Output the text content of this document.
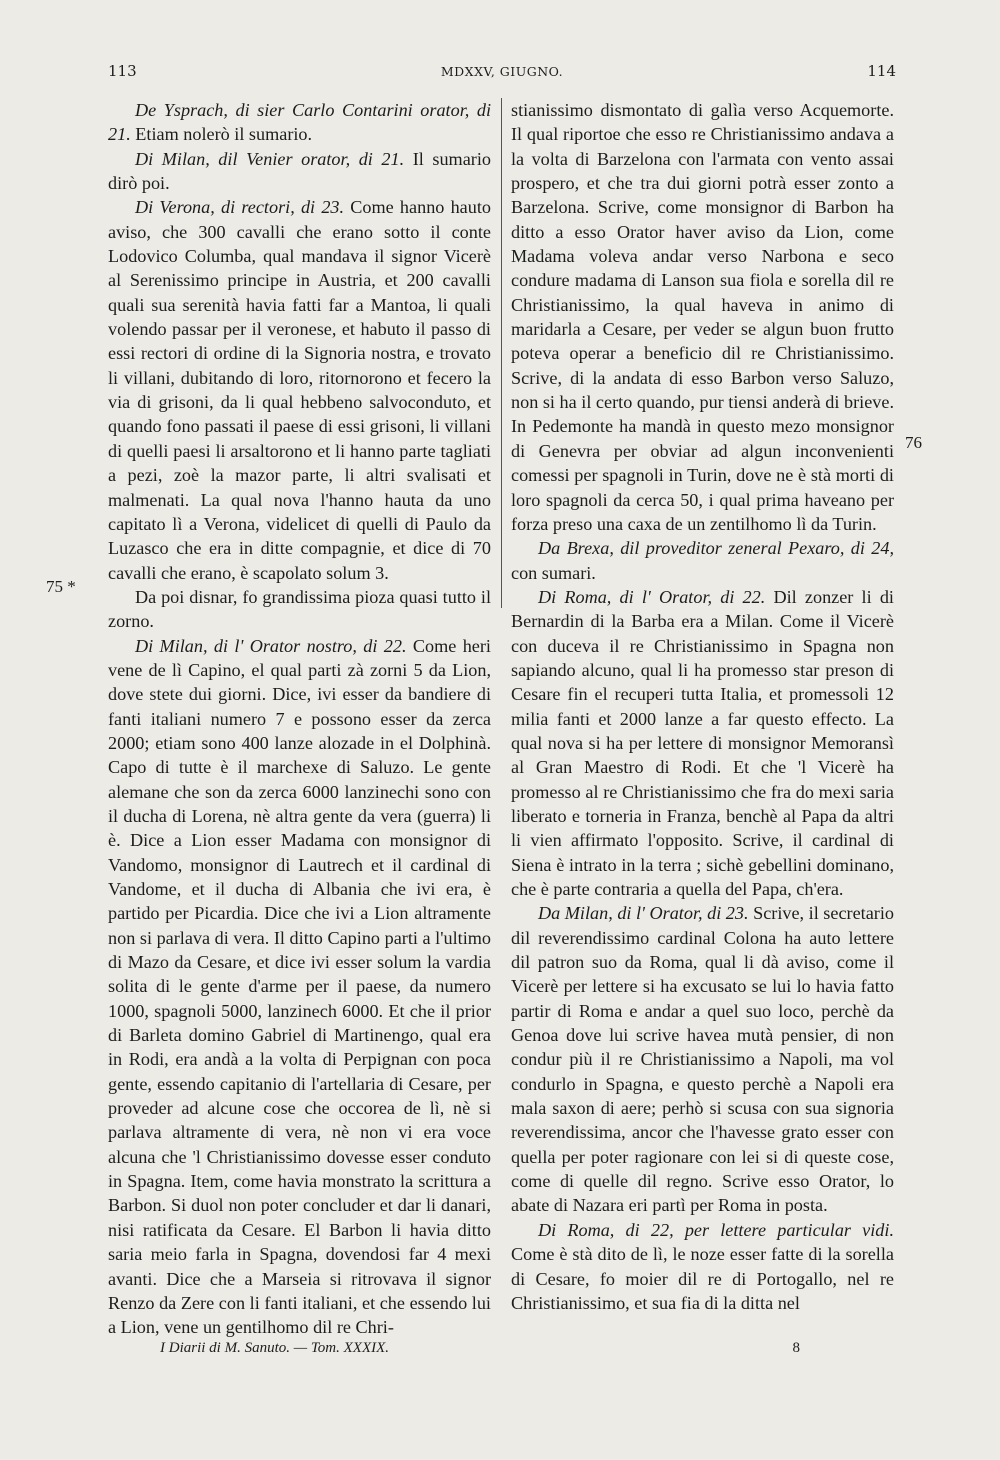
113	MDXXV, GIUGNO.	114
75 *
76

De Ysprach, di sier Carlo Contarini orator, di 21. Etiam nolerò il sumario.

Di Milan, dil Venier orator, di 21. Il sumario dirò poi.

Di Verona, di rectori, di 23. Come hanno hauto aviso, che 300 cavalli che erano sotto il conte Lodovico Columba, qual mandava il signor Vicerè al Serenissimo principe in Austria, et 200 cavalli quali sua serenità havia fatti far a Mantoa, li quali volendo passar per il veronese, et habuto il passo di essi rectori di ordine di la Signoria nostra, e trovato li villani, dubitando di loro, ritornorono et fecero la via di grisoni, da li qual hebbeno salvoconduto, et quando fono passati il paese di essi grisoni, li villani di quelli paesi li arsaltorono et li hanno parte tagliati a pezi, zoè la mazor parte, li altri svalisati et malmenati. La qual nova l'hanno hauta da uno capitato lì a Verona, videlicet di quelli di Paulo da Luzasco che era in ditte compagnie, et dice di 70 cavalli che erano, è scapolato solum 3.

Da poi disnar, fo grandissima pioza quasi tutto il zorno.

Di Milan, di l' Orator nostro, di 22. Come heri vene de lì Capino, el qual parti zà zorni 5 da Lion, dove stete dui giorni. Dice, ivi esser da bandiere di fanti italiani numero 7 e possono esser da zerca 2000; etiam sono 400 lanze alozade in el Dolphinà. Capo di tutte è il marchexe di Saluzo. Le gente alemane che son da zerca 6000 lanzinechi sono con il ducha di Lorena, nè altra gente da vera (guerra) li è. Dice a Lion esser Madama con monsignor di Vandomo, monsignor di Lautrech et il cardinal di Vandome, et il ducha di Albania che ivi era, è partido per Picardia. Dice che ivi a Lion altramente non si parlava di vera. Il ditto Capino parti a l'ultimo di Mazo da Cesare, et dice ivi esser solum la vardia solita di le gente d'arme per il paese, da numero 1000, spagnoli 5000, lanzinech 6000. Et che il prior di Barleta domino Gabriel di Martinengo, qual era in Rodi, era andà a la volta di Perpignan con poca gente, essendo capitanio di l'artellaria di Cesare, per proveder ad alcune cose che occorea de lì, nè si parlava altramente di vera, nè non vi era voce alcuna che 'l Christianissimo dovesse esser conduto in Spagna. Item, come havia monstrato la scrittura a Barbon. Si duol non poter concluder et dar li danari, nisi ratificata da Cesare. El Barbon li havia ditto saria meio farla in Spagna, dovendosi far 4 mexi avanti. Dice che a Marseia si ritrovava il signor Renzo da Zere con li fanti italiani, et che essendo lui a Lion, vene un gentilhomo dil re Chri-

stianissimo dismontato di galìa verso Acquemorte. Il qual riportoe che esso re Christianissimo andava a la volta di Barzelona con l'armata con vento assai prospero, et che tra dui giorni potrà esser zonto a Barzelona. Scrive, come monsignor di Barbon ha ditto a esso Orator haver aviso da Lion, come Madama voleva andar verso Narbona e seco condure madama di Lanson sua fiola e sorella dil re Christianissimo, la qual haveva in animo di maridarla a Cesare, per veder se algun buon frutto poteva operar a beneficio dil re Christianissimo. Scrive, di la andata di esso Barbon verso Saluzo, non si ha il certo quando, pur tiensi anderà di brieve. In Pedemonte ha mandà in questo mezo monsignor di Genevra per obviar ad algun inconvenienti comessi per spagnoli in Turin, dove ne è stà morti di loro spagnoli da cerca 50, i qual prima haveano per forza preso una caxa de un zentilhomo lì da Turin.

Da Brexa, dil proveditor zeneral Pexaro, di 24, con sumari.

Di Roma, di l' Orator, di 22. Dil zonzer li di Bernardin di la Barba era a Milan. Come il Vicerè con duceva il re Christianissimo in Spagna non sapiando alcuno, qual li ha promesso star preson di Cesare fin el recuperi tutta Italia, et promessoli 12 milia fanti et 2000 lanze a far questo effecto. La qual nova si ha per lettere di monsignor Memoransì al Gran Maestro di Rodi. Et che 'l Vicerè ha promesso al re Christianissimo che fra do mexi saria liberato e torneria in Franza, benchè al Papa da altri li vien affirmato l'opposito. Scrive, il cardinal di Siena è intrato in la terra ; sichè gebellini dominano, che è parte contraria a quella del Papa, ch'era.

Da Milan, di l' Orator, di 23. Scrive, il secretario dil reverendissimo cardinal Colona ha auto lettere dil patron suo da Roma, qual li dà aviso, come il Vicerè per lettere si ha excusato se lui lo havia fatto partir di Roma e andar a quel suo loco, perchè da Genoa dove lui scrive havea mutà pensier, di non condur più il re Christianissimo a Napoli, ma vol condurlo in Spagna, e questo perchè a Napoli era mala saxon di aere; perhò si scusa con sua signoria reverendissima, ancor che l'havesse grato esser con quella per poter ragionare con lei si di queste cose, come di quelle dil regno. Scrive esso Orator, lo abate di Nazara eri partì per Roma in posta.

Di Roma, di 22, per lettere particular vidi. Come è stà dito de lì, le noze esser fatte di la sorella di Cesare, fo moier dil re di Portogallo, nel re Christianissimo, et sua fia di la ditta nel

I Diarii di M. Sanuto. — Tom. XXXIX.	8
